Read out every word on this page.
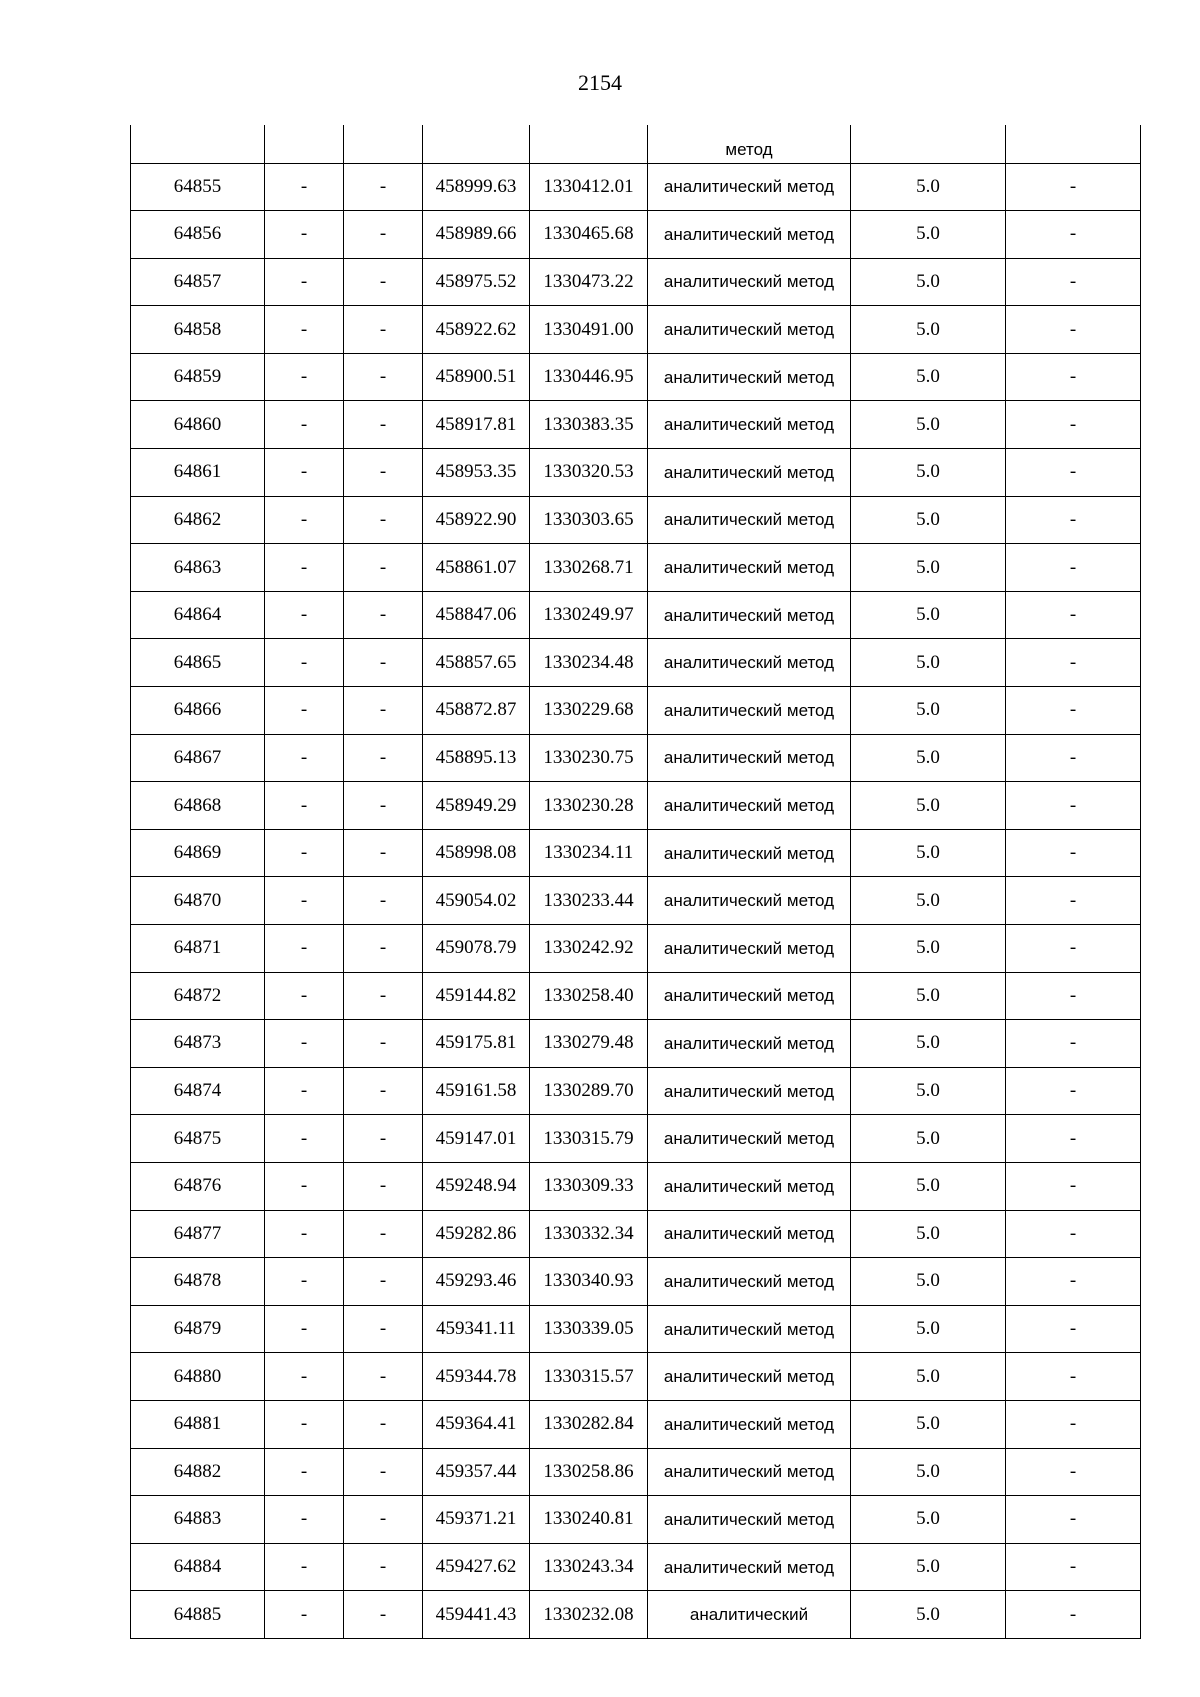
2154
					метод		
64855	-	-	458999.63	1330412.01	аналитический метод	5.0	-
64856	-	-	458989.66	1330465.68	аналитический метод	5.0	-
64857	-	-	458975.52	1330473.22	аналитический метод	5.0	-
64858	-	-	458922.62	1330491.00	аналитический метод	5.0	-
64859	-	-	458900.51	1330446.95	аналитический метод	5.0	-
64860	-	-	458917.81	1330383.35	аналитический метод	5.0	-
64861	-	-	458953.35	1330320.53	аналитический метод	5.0	-
64862	-	-	458922.90	1330303.65	аналитический метод	5.0	-
64863	-	-	458861.07	1330268.71	аналитический метод	5.0	-
64864	-	-	458847.06	1330249.97	аналитический метод	5.0	-
64865	-	-	458857.65	1330234.48	аналитический метод	5.0	-
64866	-	-	458872.87	1330229.68	аналитический метод	5.0	-
64867	-	-	458895.13	1330230.75	аналитический метод	5.0	-
64868	-	-	458949.29	1330230.28	аналитический метод	5.0	-
64869	-	-	458998.08	1330234.11	аналитический метод	5.0	-
64870	-	-	459054.02	1330233.44	аналитический метод	5.0	-
64871	-	-	459078.79	1330242.92	аналитический метод	5.0	-
64872	-	-	459144.82	1330258.40	аналитический метод	5.0	-
64873	-	-	459175.81	1330279.48	аналитический метод	5.0	-
64874	-	-	459161.58	1330289.70	аналитический метод	5.0	-
64875	-	-	459147.01	1330315.79	аналитический метод	5.0	-
64876	-	-	459248.94	1330309.33	аналитический метод	5.0	-
64877	-	-	459282.86	1330332.34	аналитический метод	5.0	-
64878	-	-	459293.46	1330340.93	аналитический метод	5.0	-
64879	-	-	459341.11	1330339.05	аналитический метод	5.0	-
64880	-	-	459344.78	1330315.57	аналитический метод	5.0	-
64881	-	-	459364.41	1330282.84	аналитический метод	5.0	-
64882	-	-	459357.44	1330258.86	аналитический метод	5.0	-
64883	-	-	459371.21	1330240.81	аналитический метод	5.0	-
64884	-	-	459427.62	1330243.34	аналитический метод	5.0	-
64885	-	-	459441.43	1330232.08	аналитический	5.0	-
